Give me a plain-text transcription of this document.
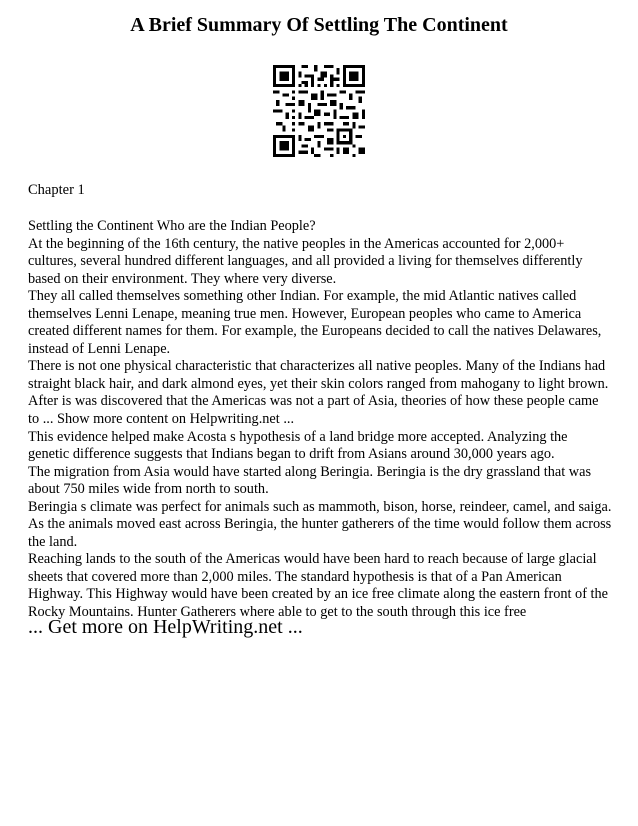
A Brief Summary Of Settling The Continent

Chapter 1

Settling the Continent Who are the Indian People?

At the beginning of the 16th century, the native peoples in the Americas accounted for 2,000+ cultures, several hundred different languages, and all provided a living for themselves differently based on their environment. They where very diverse.

They all called themselves something other Indian. For example, the mid Atlantic natives called themselves Lenni Lenape, meaning true men. However, European peoples who came to America created different names for them. For example, the Europeans decided to call the natives Delawares, instead of Lenni Lenape.

There is not one physical characteristic that characterizes all native peoples. Many of the Indians had straight black hair, and dark almond eyes, yet their skin colors ranged from mahogany to light brown.

After is was discovered that the Americas was not a part of Asia, theories of how these people came to ... Show more content on Helpwriting.net ...

This evidence helped make Acosta s hypothesis of a land bridge more accepted. Analyzing the genetic difference suggests that Indians began to drift from Asians around 30,000 years ago.

The migration from Asia would have started along Beringia. Beringia is the dry grassland that was about 750 miles wide from north to south.

Beringia s climate was perfect for animals such as mammoth, bison, horse, reindeer, camel, and saiga. As the animals moved east across Beringia, the hunter gatherers of the time would follow them across the land.

Reaching lands to the south of the Americas would have been hard to reach because of large glacial sheets that covered more than 2,000 miles. The standard hypothesis is that of a Pan American Highway. This Highway would have been created by an ice free climate along the eastern front of the Rocky Mountains. Hunter Gatherers where able to get to the south through this ice free

... Get more on HelpWriting.net ...
